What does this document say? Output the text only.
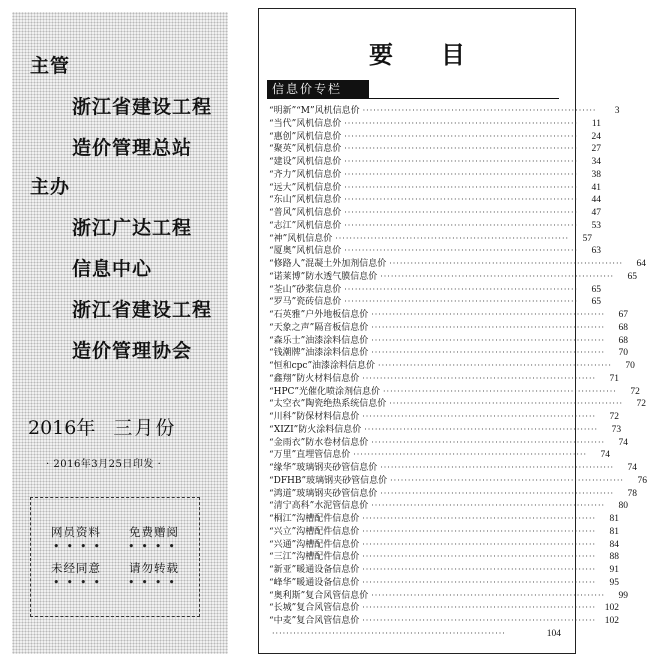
主管
浙江省建设工程
造价管理总站
主办
浙江广达工程
信息中心
浙江省建设工程
造价管理协会
2016年 三月份
· 2016年3月25日印发 ·
网员资料 免费赠阅
••••  ••••
未经同意 请勿转载
••••  ••••
要目
信息价专栏
“明新”“M”风机信息价 ··································································	3
“当代”风机信息价 ··································································	11
“惠创”风机信息价 ··································································	24
“聚英”风机信息价 ··································································	27
“建设”风机信息价 ··································································	34
“齐力”风机信息价 ··································································	38
“远大”风机信息价 ··································································	41
“东山”风机信息价 ··································································	44
“普风”风机信息价 ··································································	47
“志江”风机信息价 ··································································	53
“神”风机信息价 ··································································	57
“厦奥”风机信息价 ··································································	63
“修路人”混凝土外加剂信息价 ··································································	64
“诺莱博”防水透气膜信息价 ··································································	65
“荃山”砂浆信息价 ··································································	65
“罗马”瓷砖信息价 ··································································	65
“石英雅”户外地板信息价 ··································································	67
“天象之声”隔音板信息价 ··································································	68
“森乐士”油漆涂料信息价 ··································································	68
“钱潮牌”油漆涂料信息价 ··································································	70
“恒和cpc”油漆涂料信息价 ··································································	70
“鑫翔”防火材料信息价 ··································································	71
“HPC”光催化喷涂剂信息价 ··································································	72
“太空衣”陶瓷绝热系统信息价 ··································································	72
“川科”防保材料信息价 ··································································	72
“XIZI”防火涂料信息价 ··································································	73
“金雨衣”防水卷材信息价 ··································································	74
“万里”直埋管信息价 ··································································	74
“缘华”玻璃钢夹砂管信息价 ··································································	74
“DFHB”玻璃钢夹砂管信息价 ··································································	76
“鸿道”玻璃钢夹砂管信息价 ··································································	78
“清宁高科”水泥管信息价 ··································································	80
“桐江”沟槽配件信息价 ··································································	81
“兴立”沟槽配件信息价 ··································································	81
“兴通”沟槽配件信息价 ··································································	84
“三江”沟槽配件信息价 ··································································	88
“新亚”暖通设备信息价 ··································································	91
“峰华”暖通设备信息价 ··································································	95
“奥利斯”复合风管信息价 ··································································	99
“长城”复合风管信息价 ·································································· 102
“中麦”复合风管信息价 ·································································· 102
··································································	104
